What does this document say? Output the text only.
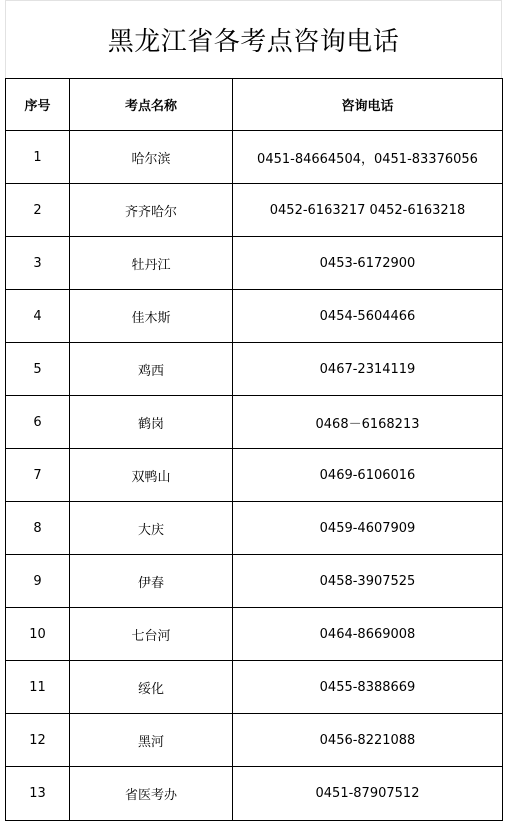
黑龙江省各考点咨询电话
序号	考点名称	咨询电话
1	哈尔滨	0451-84664504，0451-83376056
2	齐齐哈尔	0452-6163217 0452-6163218
3	牡丹江	0453-6172900
4	佳木斯	0454-5604466
5	鸡西	0467-2314119
6	鹤岗	0468－6168213
7	双鸭山	0469-6106016
8	大庆	0459-4607909
9	伊春	0458-3907525
10	七台河	0464-8669008
11	绥化	0455-8388669
12	黑河	0456-8221088
13	省医考办	0451-87907512
